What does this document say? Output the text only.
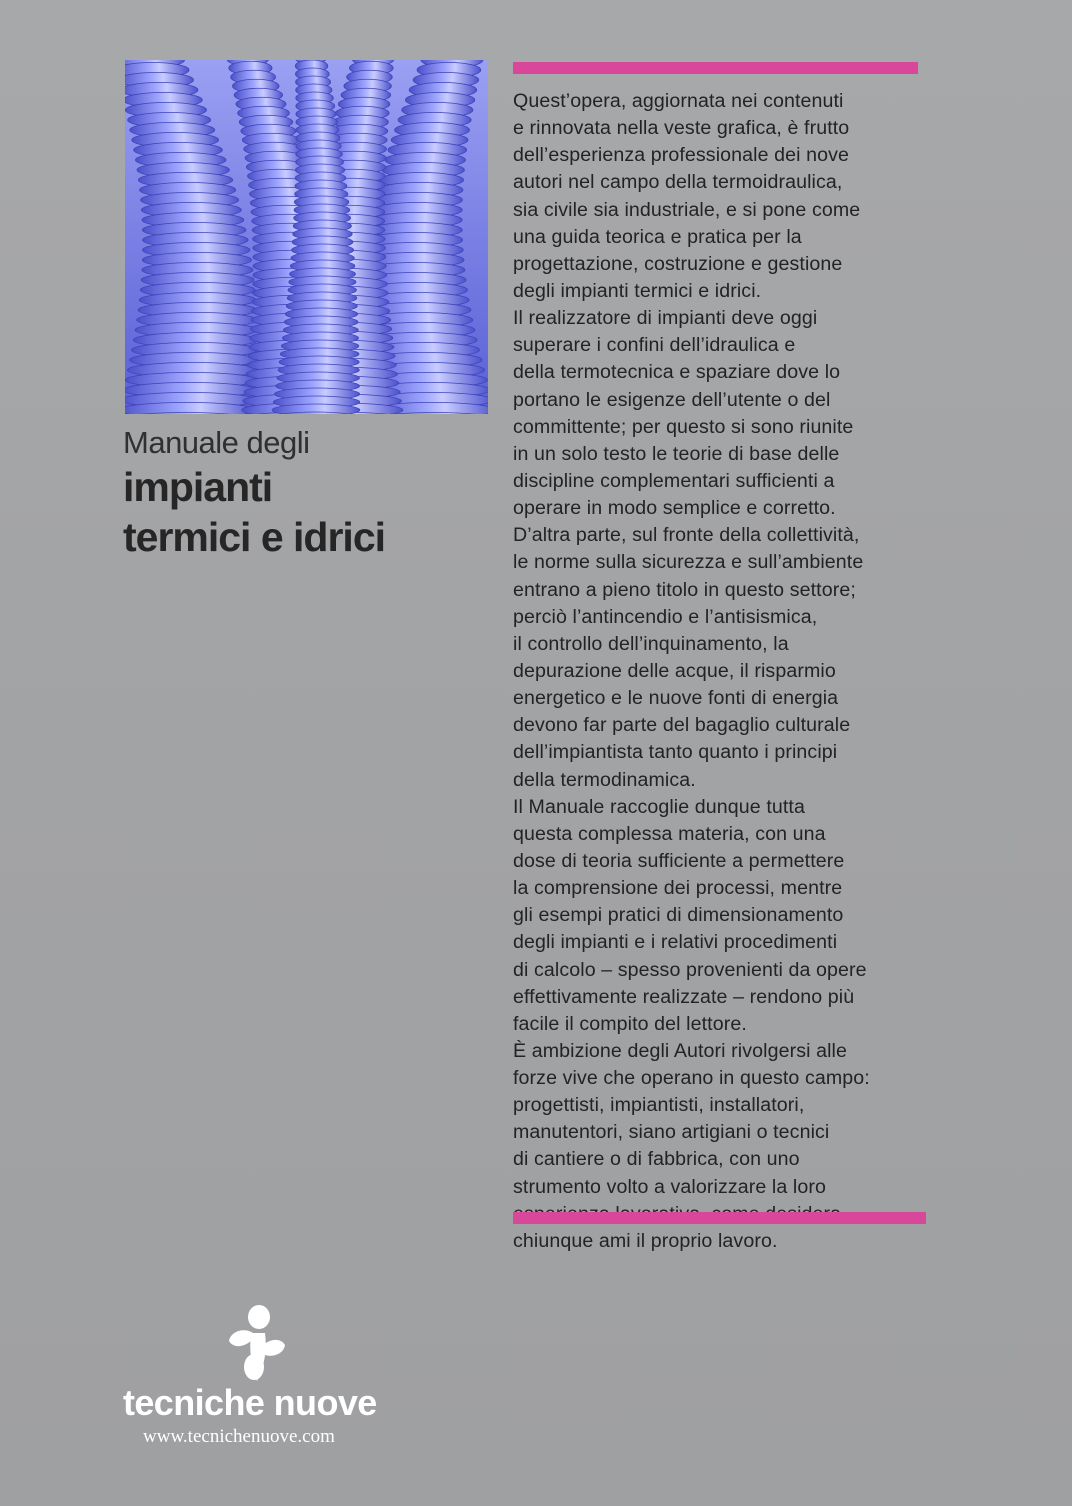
Manuale degli
impianti
termici e idrici
Quest’opera, aggiornata nei contenuti
e rinnovata nella veste grafica, è frutto
dell’esperienza professionale dei nove
autori nel campo della termoidraulica,
sia civile sia industriale, e si pone come
una guida teorica e pratica per la
progettazione, costruzione e gestione
degli impianti termici e idrici.
Il realizzatore di impianti deve oggi
superare i confini dell’idraulica e
della termotecnica e spaziare dove lo
portano le esigenze dell’utente o del
committente; per questo si sono riunite
in un solo testo le teorie di base delle
discipline complementari sufficienti a
operare in modo semplice e corretto.
D’altra parte, sul fronte della collettività,
le norme sulla sicurezza e sull’ambiente
entrano a pieno titolo in questo settore;
perciò l’antincendio e l’antisismica,
il controllo dell’inquinamento, la
depurazione delle acque, il risparmio
energetico e le nuove fonti di energia
devono far parte del bagaglio culturale
dell’impiantista tanto quanto i principi
della termodinamica.
Il Manuale raccoglie dunque tutta
questa complessa materia, con una
dose di teoria sufficiente a permettere
la comprensione dei processi, mentre
gli esempi pratici di dimensionamento
degli impianti e i relativi procedimenti
di calcolo – spesso provenienti da opere
effettivamente realizzate – rendono più
facile il compito del lettore.
È ambizione degli Autori rivolgersi alle
forze vive che operano in questo campo:
progettisti, impiantisti, installatori,
manutentori, siano artigiani o tecnici
di cantiere o di fabbrica, con uno
strumento volto a valorizzare la loro
chiunque ami il proprio lavoro.
tecniche nuove
www.tecnichenuove.com
